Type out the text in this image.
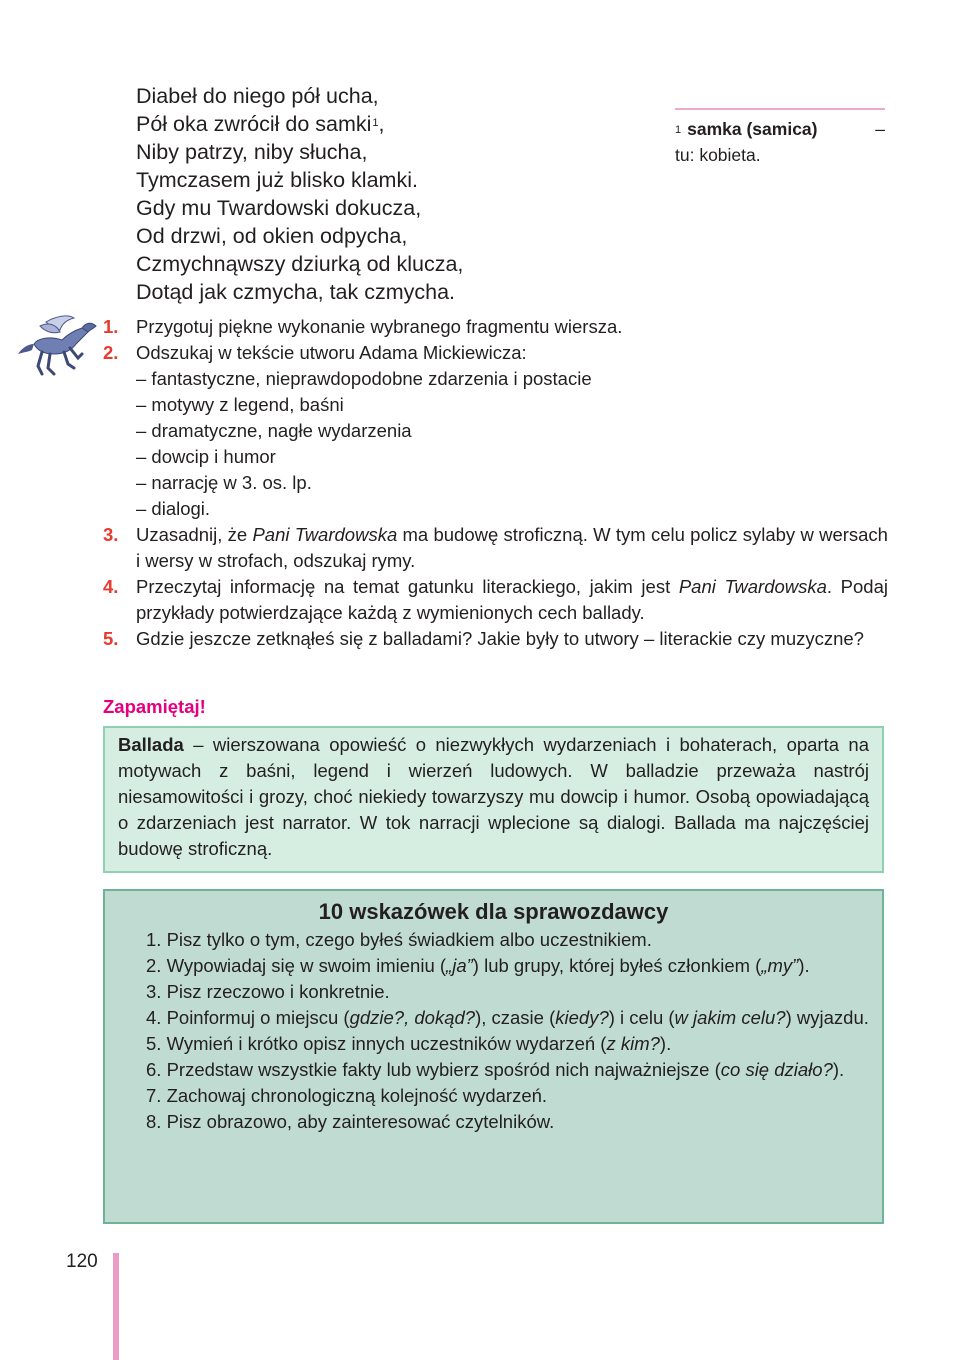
Diabeł do niego pół ucha,
Pół oka zwrócił do samki$^1$,
Niby patrzy, niby słucha,
Tymczasem już blisko klamki.
Gdy mu Twardowski dokucza,
Od drzwi, od okien odpycha,
Czmychnąwszy dziurką od klucza,
Dotąd jak czmycha, tak czmycha.
$^1$ samka (samica)	–
tu: kobieta.
1. Przygotuj piękne wykonanie wybranego fragmentu wiersza.
2. Odszukaj w tekście utworu Adama Mickiewicza:
– fantastyczne, nieprawdopodobne zdarzenia i postacie
– motywy z legend, baśni
– dramatyczne, nagłe wydarzenia
– dowcip i humor
– narrację w 3. os. lp.
– dialogi.
3. Uzasadnij, że Pani Twardowska ma budowę stroficzną. W tym celu policz sylaby w wersach i wersy w strofach, odszukaj rymy.
4. Przeczytaj informację na temat gatunku literackiego, jakim jest Pani Twardowska. Podaj przykłady potwierdzające każdą z wymienionych cech ballady.
5. Gdzie jeszcze zetknąłeś się z balladami? Jakie były to utwory – literackie czy muzyczne?
Zapamiętaj!
Ballada – wierszowana opowieść o niezwykłych wydarzeniach i bohaterach, oparta na motywach z baśni, legend i wierzeń ludowych. W balladzie przeważa nastrój niesamowitości i grozy, choć niekiedy towarzyszy mu dowcip i humor. Osobą opowiadającą o zdarzeniach jest narrator. W tok narracji wplecione są dialogi. Ballada ma najczęściej budowę stroficzną.
10 wskazówek dla sprawozdawcy
1. Pisz tylko o tym, czego byłeś świadkiem albo uczestnikiem.
2. Wypowiadaj się w swoim imieniu („ja”) lub grupy, której byłeś członkiem („my”).
3. Pisz rzeczowo i konkretnie.
4. Poinformuj o miejscu (gdzie?, dokąd?), czasie (kiedy?) i celu (w jakim celu?) wyjazdu.
5. Wymień i krótko opisz innych uczestników wydarzeń (z kim?).
6. Przedstaw wszystkie fakty lub wybierz spośród nich najważniejsze (co się działo?).
7. Zachowaj chronologiczną kolejność wydarzeń.
8. Pisz obrazowo, aby zainteresować czytelników.
120
